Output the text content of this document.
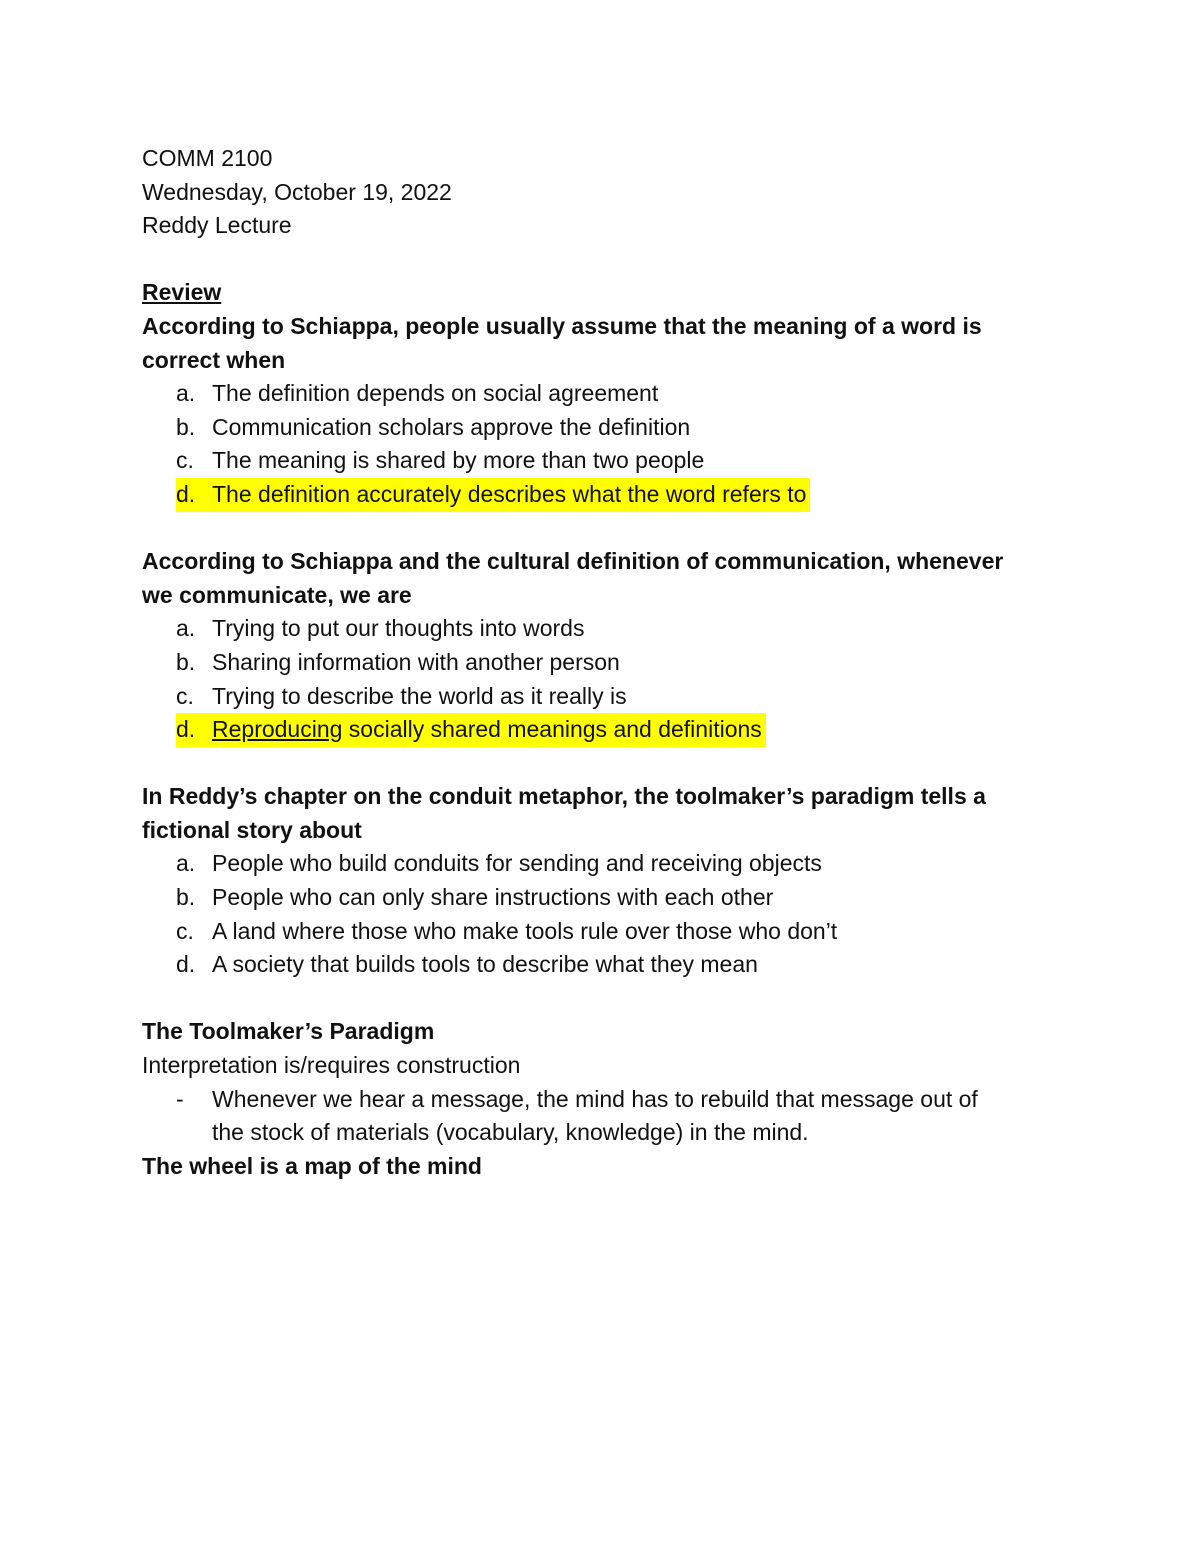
COMM 2100
Wednesday, October 19, 2022
Reddy Lecture
Review
According to Schiappa, people usually assume that the meaning of a word is
correct when
a. The definition depends on social agreement
b. Communication scholars approve the definition
c. The meaning is shared by more than two people
d. The definition accurately describes what the word refers to
According to Schiappa and the cultural definition of communication, whenever
we communicate, we are
a. Trying to put our thoughts into words
b. Sharing information with another person
c. Trying to describe the world as it really is
d. Reproducing socially shared meanings and definitions
In Reddy’s chapter on the conduit metaphor, the toolmaker’s paradigm tells a
fictional story about
a. People who build conduits for sending and receiving objects
b. People who can only share instructions with each other
c. A land where those who make tools rule over those who don’t
d. A society that builds tools to describe what they mean
The Toolmaker’s Paradigm
Interpretation is/requires construction
- Whenever we hear a message, the mind has to rebuild that message out of
the stock of materials (vocabulary, knowledge) in the mind.
The wheel is a map of the mind
